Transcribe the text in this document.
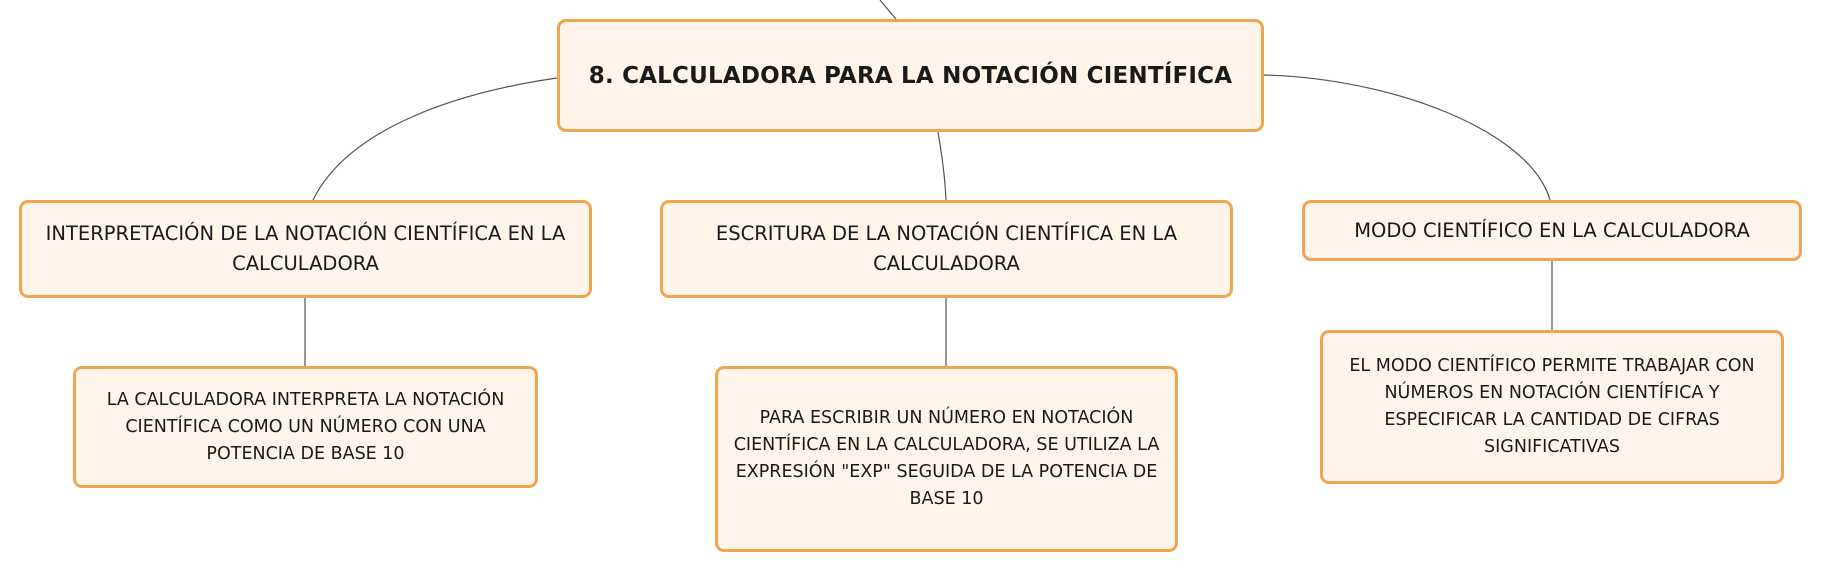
8. CALCULADORA PARA LA NOTACIÓN CIENTÍFICA
INTERPRETACIÓN DE LA NOTACIÓN CIENTÍFICA EN LA CALCULADORA
ESCRITURA DE LA NOTACIÓN CIENTÍFICA EN LA CALCULADORA
MODO CIENTÍFICO EN LA CALCULADORA
LA CALCULADORA INTERPRETA LA NOTACIÓN CIENTÍFICA COMO UN NÚMERO CON UNA POTENCIA DE BASE 10
PARA ESCRIBIR UN NÚMERO EN NOTACIÓN CIENTÍFICA EN LA CALCULADORA, SE UTILIZA LA EXPRESIÓN "EXP" SEGUIDA DE LA POTENCIA DE BASE 10
EL MODO CIENTÍFICO PERMITE TRABAJAR CON NÚMEROS EN NOTACIÓN CIENTÍFICA Y ESPECIFICAR LA CANTIDAD DE CIFRAS SIGNIFICATIVAS
